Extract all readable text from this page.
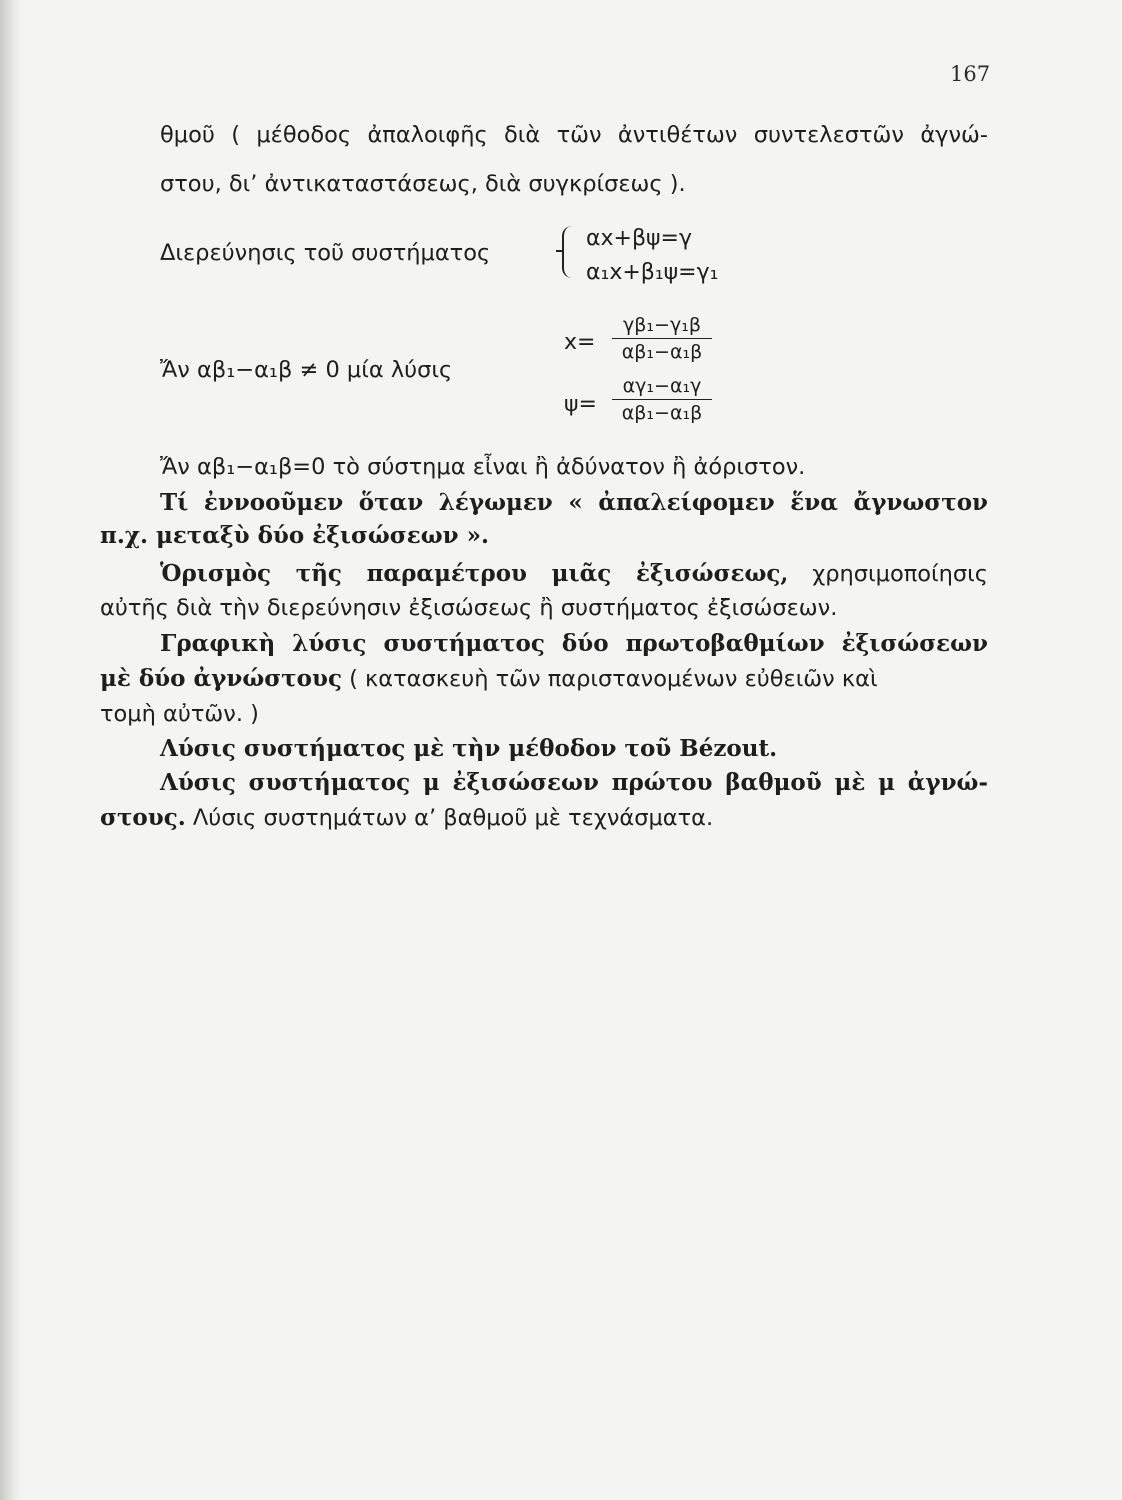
167
θμοῦ ( μέθοδος ἀπαλοιφῆς διὰ τῶν ἀντιθέτων συντελεστῶν ἀγνώ-
στου, δι’ ἀντικαταστάσεως, διὰ συγκρίσεως ).
Διερεύνησις τοῦ συστήματος
αx+βψ=γ
α₁x+β₁ψ=γ₁
Ἄν αβ₁−α₁β ≠ 0 μία λύσις
$x= \frac{\text{γβ₁−γ₁β}}{\text{αβ₁−α₁β}}$
$\psi= \frac{\text{αγ₁−α₁γ}}{\text{αβ₁−α₁β}}$
Ἄν αβ₁−α₁β=0 τὸ σύστημα εἶναι ἢ ἀδύνατον ἢ ἀόριστον.
Τί ἐννοοῦμεν ὅταν λέγωμεν « ἀπαλείφομεν ἕνα ἄγνωστον
π.χ. μεταξὺ δύο ἐξισώσεων ».
Ὁρισμὸς τῆς παραμέτρου μιᾶς ἐξισώσεως, χρησιμοποίησις
αὐτῆς διὰ τὴν διερεύνησιν ἐξισώσεως ἢ συστήματος ἐξισώσεων.
Γραφικὴ λύσις συστήματος δύο πρωτοβαθμίων ἐξισώσεων
μὲ δύο ἀγνώστους ( κατασκευὴ τῶν παριστανομένων εὐθειῶν καὶ
τομὴ αὐτῶν. )
Λύσις συστήματος μὲ τὴν μέθοδον τοῦ Bézout.
Λύσις συστήματος μ ἐξισώσεων πρώτου βαθμοῦ μὲ μ ἀγνώ-
στους. Λύσις συστημάτων α’ βαθμοῦ μὲ τεχνάσματα.
